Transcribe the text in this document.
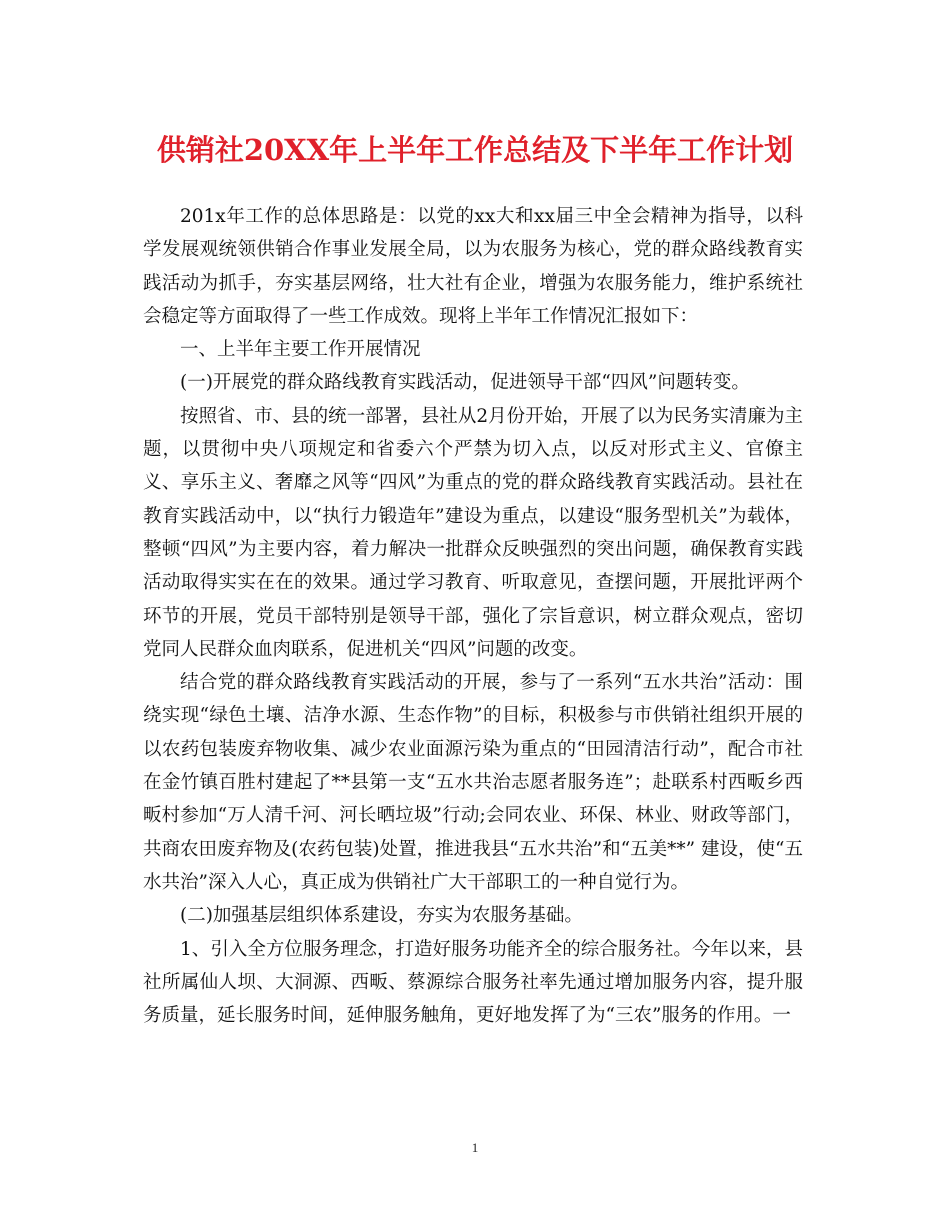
供销社20XX年上半年工作总结及下半年工作计划

201x年工作的总体思路是：以党的xx大和xx届三中全会精神为指导，以科学发展观统领供销合作事业发展全局，以为农服务为核心，党的群众路线教育实践活动为抓手，夯实基层网络，壮大社有企业，增强为农服务能力，维护系统社会稳定等方面取得了一些工作成效。现将上半年工作情况汇报如下：

一、上半年主要工作开展情况

(一)开展党的群众路线教育实践活动，促进领导干部“四风”问题转变。

按照省、市、县的统一部署，县社从2月份开始，开展了以为民务实清廉为主题，以贯彻中央八项规定和省委六个严禁为切入点，以反对形式主义、官僚主义、享乐主义、奢靡之风等“四风”为重点的党的群众路线教育实践活动。县社在教育实践活动中，以“执行力锻造年”建设为重点，以建设“服务型机关”为载体，整顿“四风”为主要内容，着力解决一批群众反映强烈的突出问题，确保教育实践活动取得实实在在的效果。通过学习教育、听取意见，查摆问题，开展批评两个环节的开展，党员干部特别是领导干部，强化了宗旨意识，树立群众观点，密切党同人民群众血肉联系，促进机关“四风”问题的改变。

结合党的群众路线教育实践活动的开展，参与了一系列“五水共治”活动：围绕实现“绿色土壤、洁净水源、生态作物”的目标，积极参与市供销社组织开展的以农药包装废弃物收集、减少农业面源污染为重点的“田园清洁行动”，配合市社在金竹镇百胜村建起了**县第一支“五水共治志愿者服务连”；赴联系村西畈乡西畈村参加“万人清千河、河长晒垃圾”行动;会同农业、环保、林业、财政等部门，共商农田废弃物及(农药包装)处置，推进我县“五水共治”和“五美**” 建设，使“五水共治”深入人心，真正成为供销社广大干部职工的一种自觉行为。

(二)加强基层组织体系建设，夯实为农服务基础。

1、引入全方位服务理念，打造好服务功能齐全的综合服务社。今年以来，县社所属仙人坝、大洞源、西畈、蔡源综合服务社率先通过增加服务内容，提升服务质量，延长服务时间，延伸服务触角，更好地发挥了为“三农”服务的作用。一

1
